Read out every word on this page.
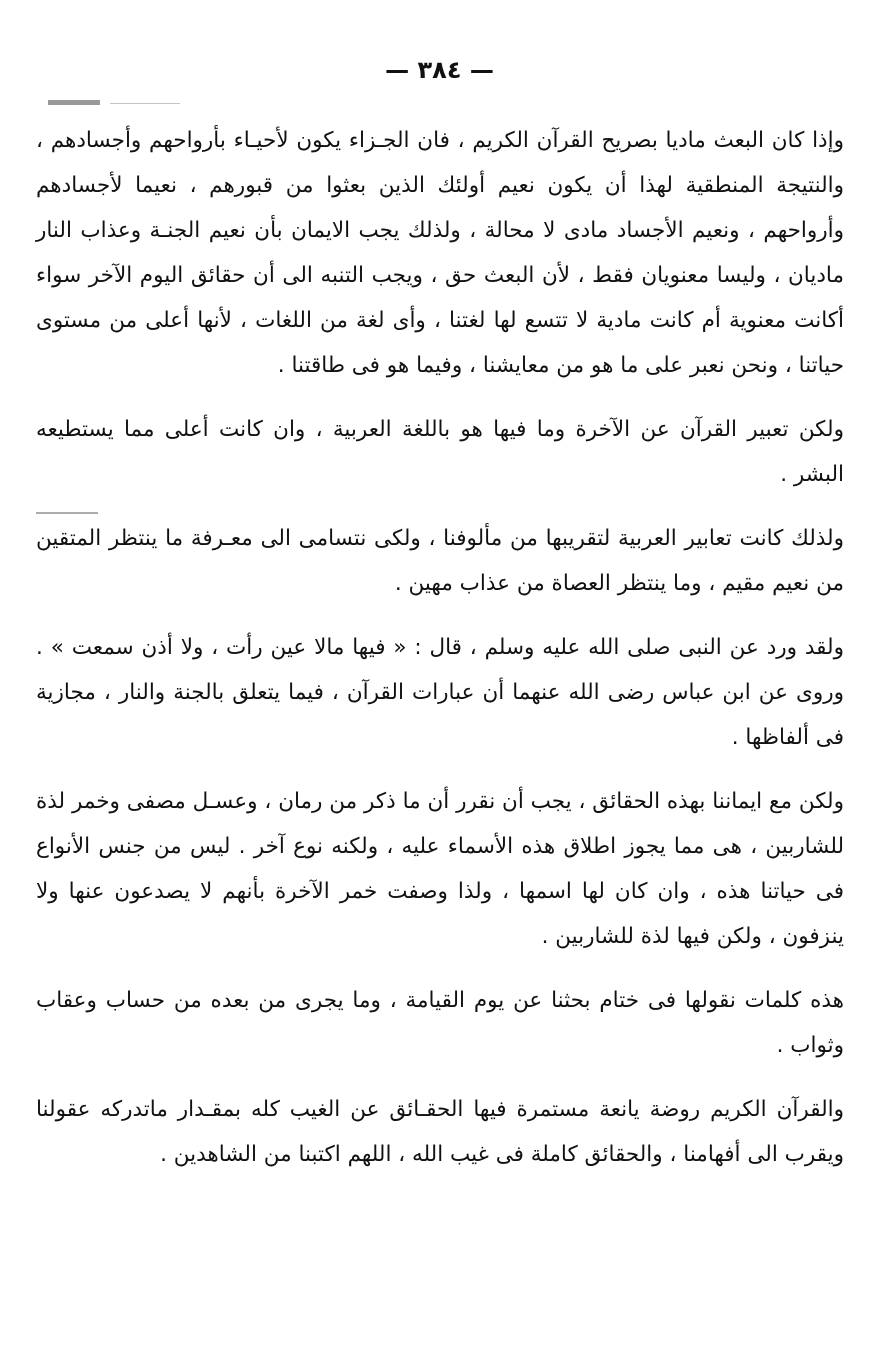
— ٣٨٤ —

وإذا كان البعث ماديا بصريح القرآن الكريم ، فان الجـزاء يكون لأحيـاء بأرواحهم وأجسادهم ، والنتيجة المنطقية لهذا أن يكون نعيم أولئك الذين بعثوا من قبورهم ، نعيما لأجسادهم وأرواحهم ، ونعيم الأجساد مادى لا محالة ، ولذلك يجب الايمان بأن نعيم الجنـة وعذاب النار ماديان ، وليسا معنويان فقط ، لأن البعث حق ، ويجب التنبه الى أن حقائق اليوم الآخر سواء أكانت معنوية أم كانت مادية لا تتسع لها لغتنا ، وأى لغة من اللغات ، لأنها أعلى من مستوى حياتنا ، ونحن نعبر على ما هو من معايشنا ، وفيما هو فى طاقتنا .

ولكن تعبير القرآن عن الآخرة وما فيها هو باللغة العربية ، وان كانت أعلى مما يستطيعه البشر .

ولذلك كانت تعابير العربية لتقريبها من مألوفنا ، ولكى نتسامى الى معـرفة ما ينتظر المتقين من نعيم مقيم ، وما ينتظر العصاة من عذاب مهين .

ولقد ورد عن النبى صلى الله عليه وسلم ، قال : « فيها مالا عين رأت ، ولا أذن سمعت » . وروى عن ابن عباس رضى الله عنهما أن عبارات القرآن ، فيما يتعلق بالجنة والنار ، مجازية فى ألفاظها .

ولكن مع ايماننا بهذه الحقائق ، يجب أن نقرر أن ما ذكر من رمان ، وعسـل مصفى وخمر لذة للشاربين ، هى مما يجوز اطلاق هذه الأسماء عليه ، ولكنه نوع آخر . ليس من جنس الأنواع فى حياتنا هذه ، وان كان لها اسمها ، ولذا وصفت خمر الآخرة بأنهم لا يصدعون عنها ولا ينزفون ، ولكن فيها لذة للشاربين .

هذه كلمات نقولها فى ختام بحثنا عن يوم القيامة ، وما يجرى من بعده من حساب وعقاب وثواب .

والقرآن الكريم روضة يانعة مستمرة فيها الحقـائق عن الغيب كله بمقـدار ماتدركه عقولنا ويقرب الى أفهامنا ، والحقائق كاملة فى غيب الله ، اللهم اكتبنا من الشاهدين .
